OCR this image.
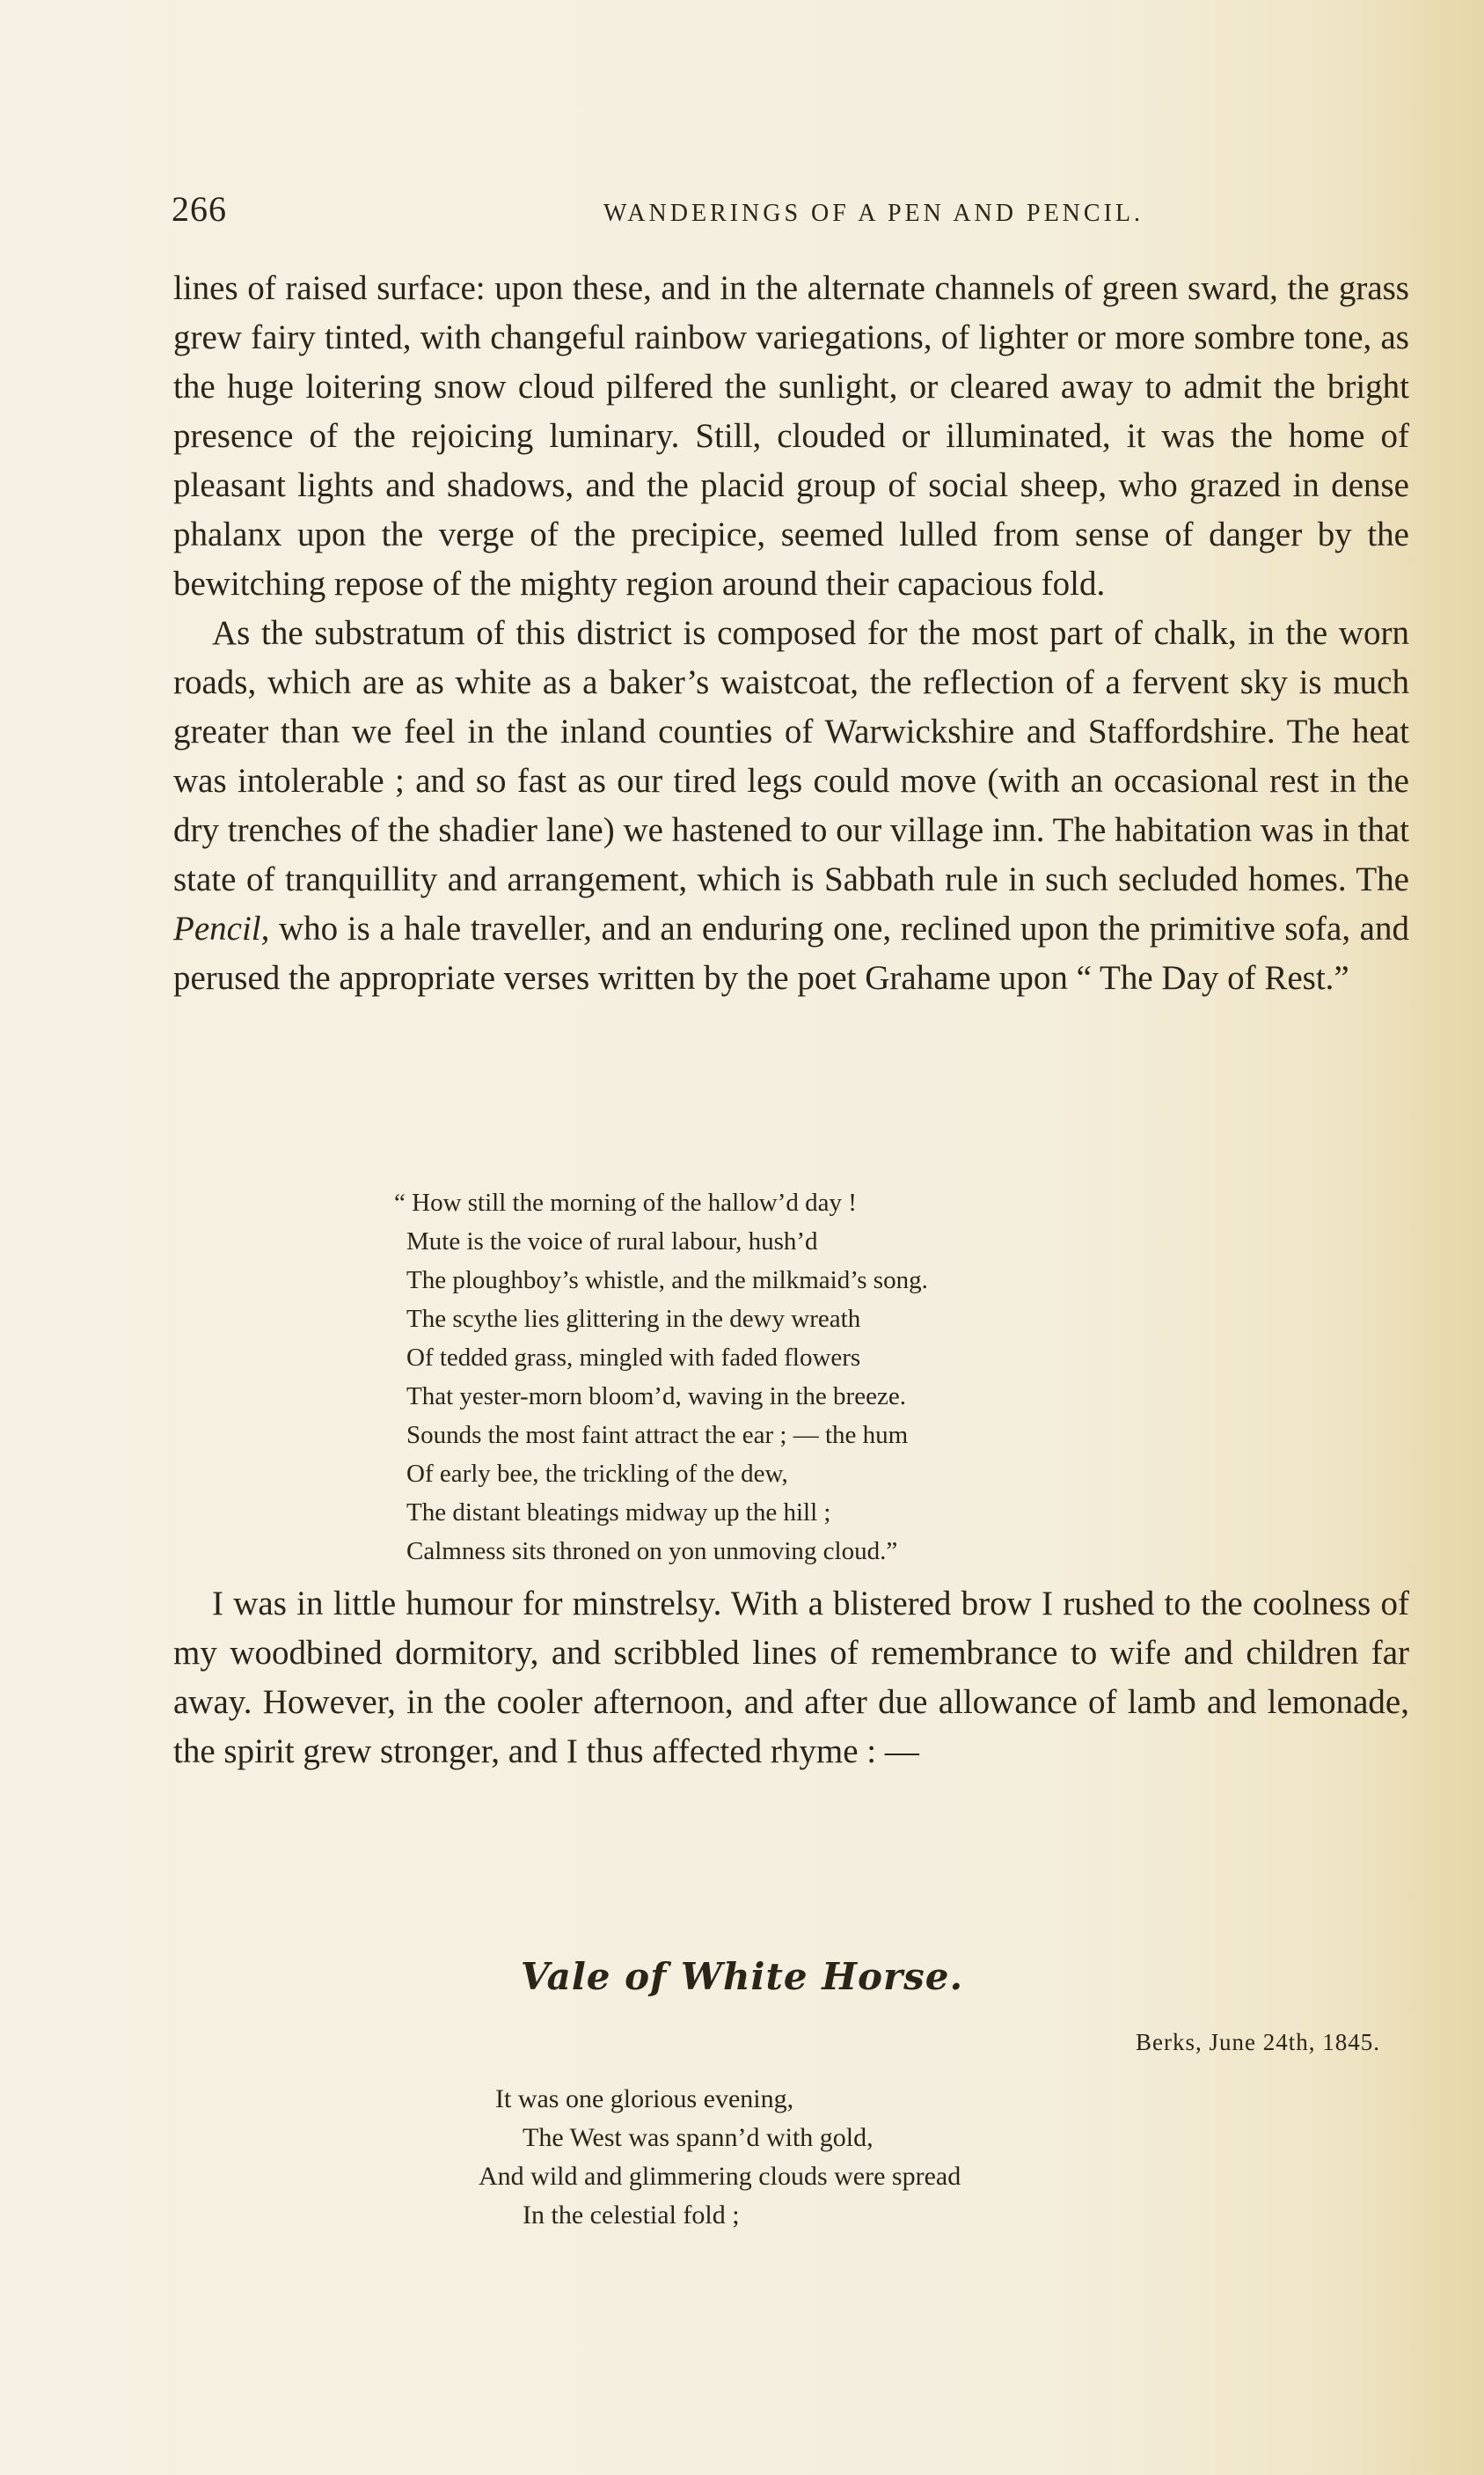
266	WANDERINGS OF A PEN AND PENCIL.

lines of raised surface: upon these, and in the alternate channels of green sward, the grass grew fairy tinted, with changeful rainbow variegations, of lighter or more sombre tone, as the huge loitering snow cloud pilfered the sunlight, or cleared away to admit the bright presence of the rejoicing luminary. Still, clouded or illuminated, it was the home of pleasant lights and shadows, and the placid group of social sheep, who grazed in dense phalanx upon the verge of the precipice, seemed lulled from sense of danger by the bewitching repose of the mighty region around their capacious fold.

As the substratum of this district is composed for the most part of chalk, in the worn roads, which are as white as a baker’s waistcoat, the reflection of a fervent sky is much greater than we feel in the inland counties of Warwickshire and Staffordshire. The heat was intolerable ; and so fast as our tired legs could move (with an occasional rest in the dry trenches of the shadier lane) we hastened to our village inn. The habitation was in that state of tranquillity and arrangement, which is Sabbath rule in such secluded homes. The Pencil, who is a hale traveller, and an enduring one, reclined upon the primitive sofa, and perused the appropriate verses written by the poet Grahame upon “ The Day of Rest.”

“ How still the morning of the hallow’d day !
Mute is the voice of rural labour, hush’d
The ploughboy’s whistle, and the milkmaid’s song.
The scythe lies glittering in the dewy wreath
Of tedded grass, mingled with faded flowers
That yester-morn bloom’d, waving in the breeze.
Sounds the most faint attract the ear ; — the hum
Of early bee, the trickling of the dew,
The distant bleatings midway up the hill ;
Calmness sits throned on yon unmoving cloud.”

I was in little humour for minstrelsy. With a blistered brow I rushed to the coolness of my woodbined dormitory, and scribbled lines of remembrance to wife and children far away. However, in the cooler afternoon, and after due allowance of lamb and lemonade, the spirit grew stronger, and I thus affected rhyme : —

Vale of White Horse.
Berks, June 24th, 1845.
It was one glorious evening,
The West was spann’d with gold,
And wild and glimmering clouds were spread
In the celestial fold ;
